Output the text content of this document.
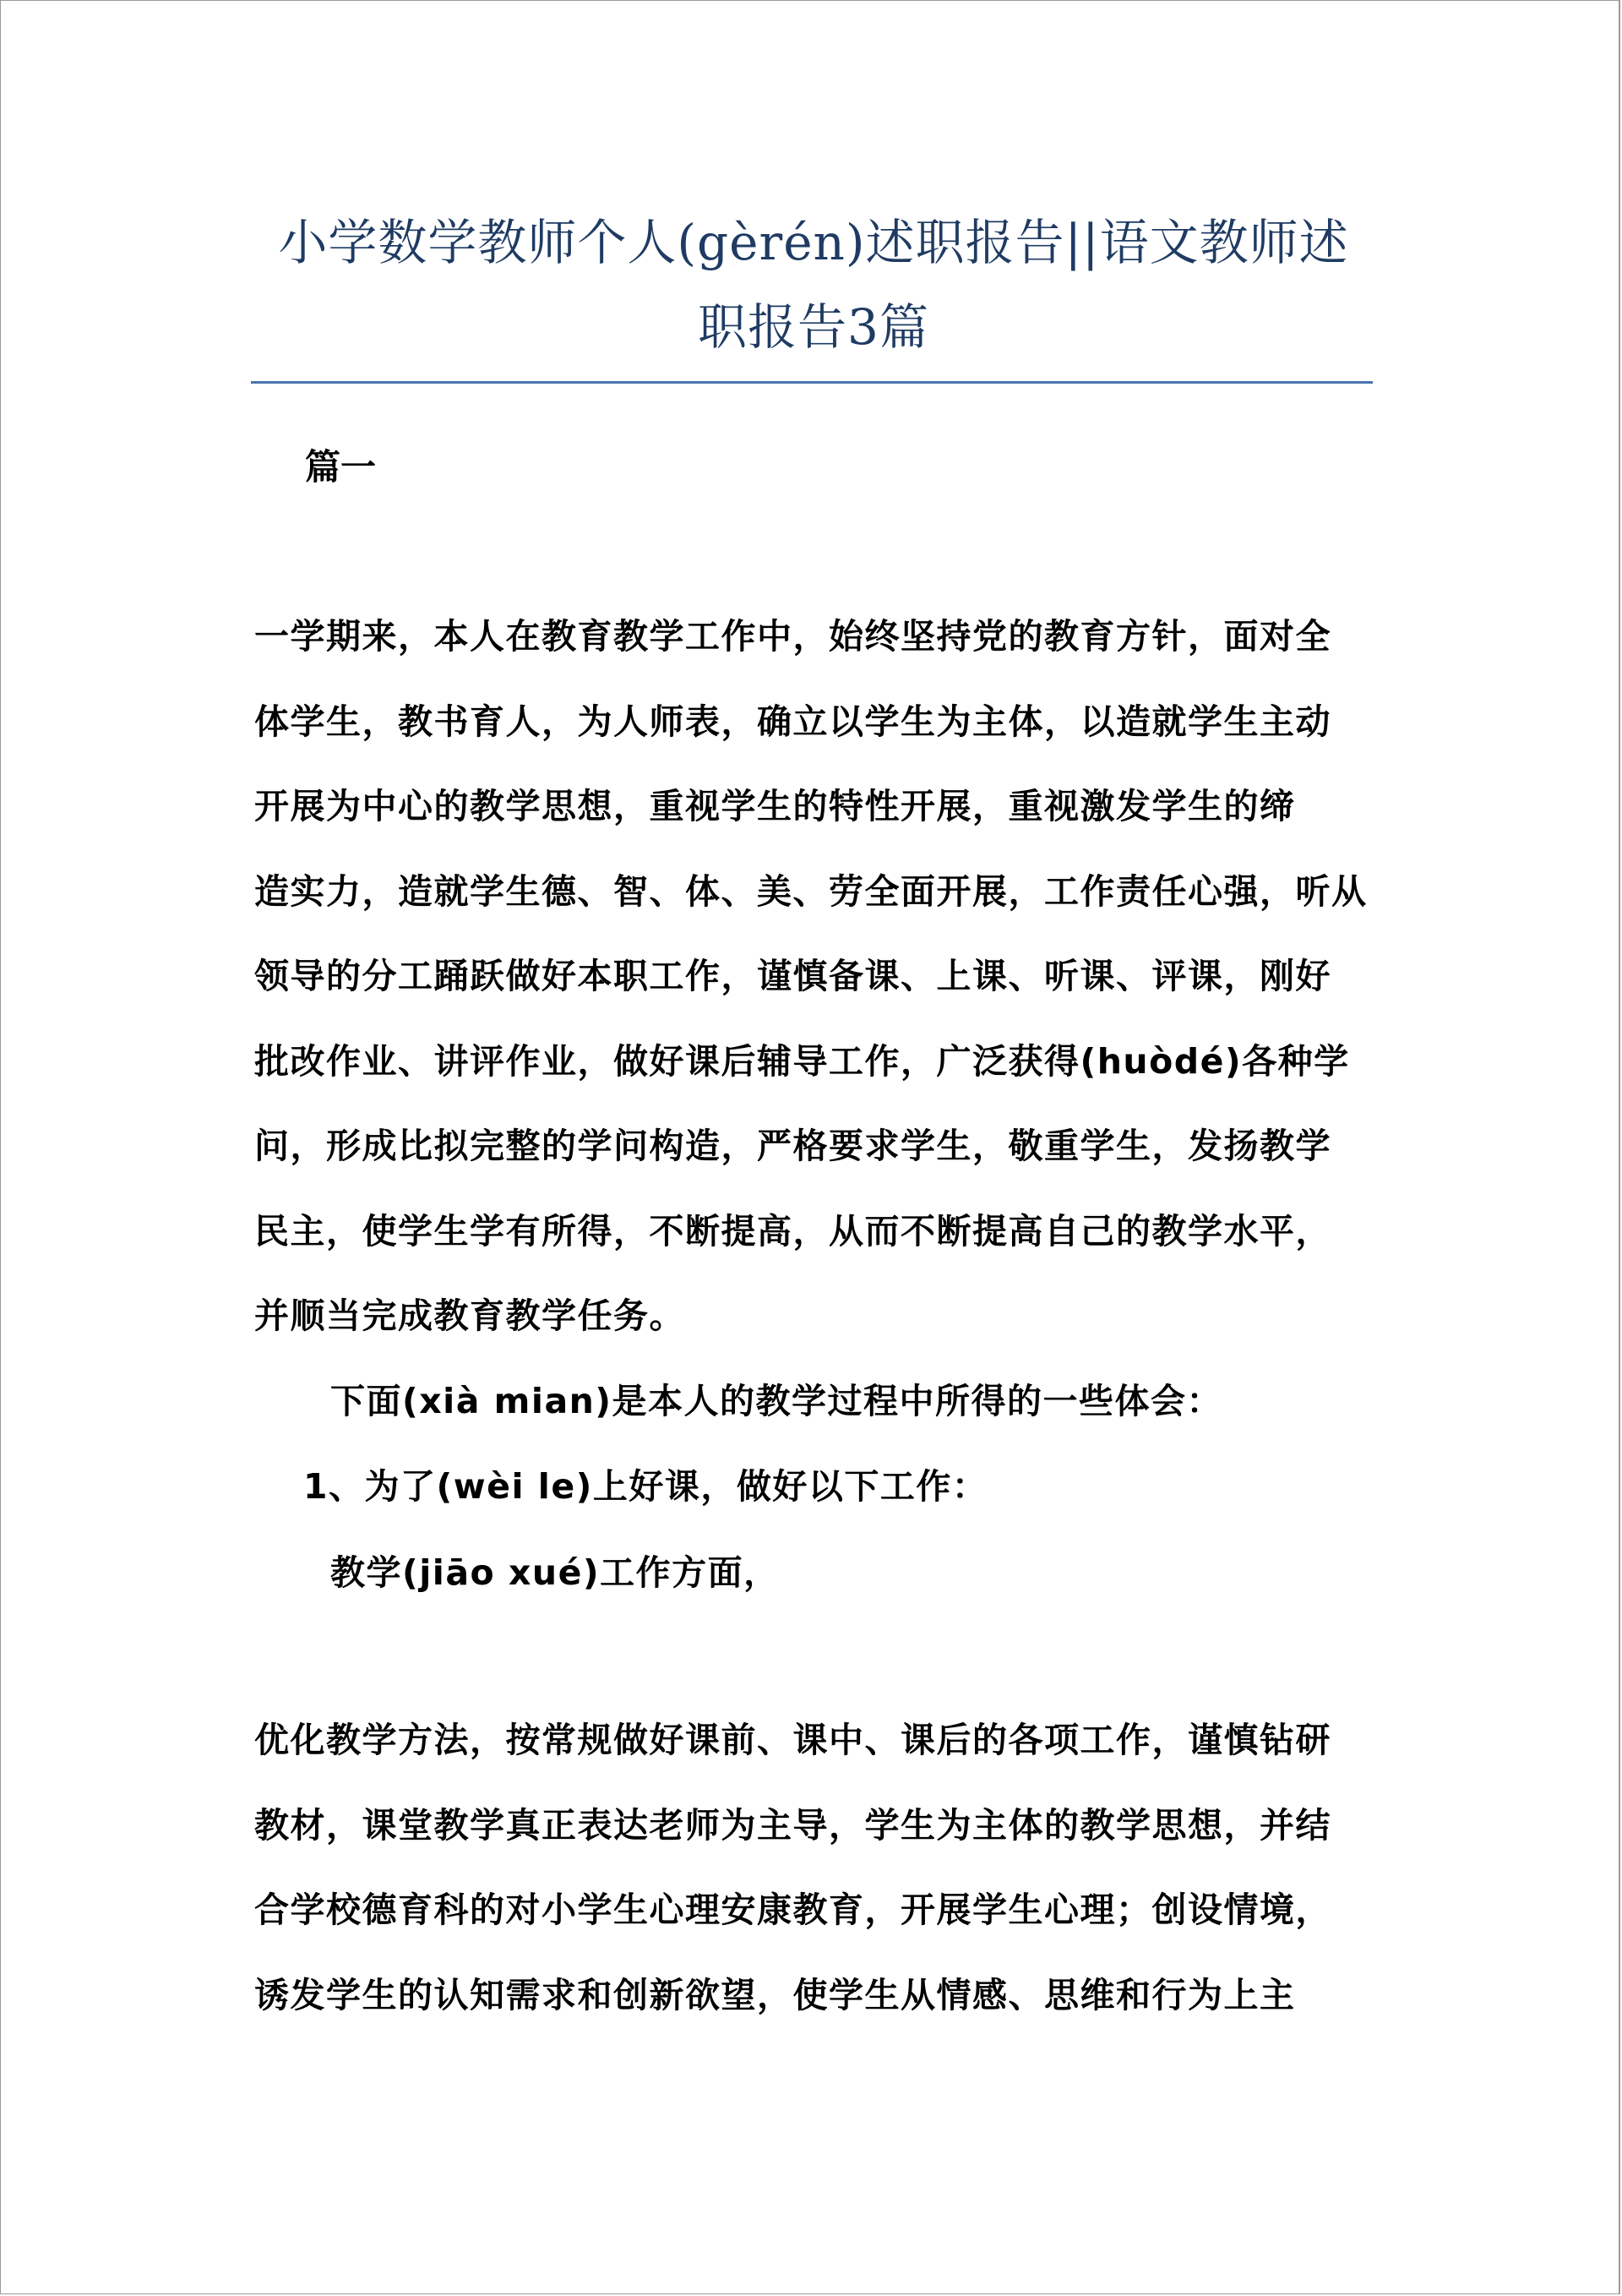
小学数学教师个人(gèrén)述职报告||语文教师述
职报告3篇
篇一
一学期来，本人在教育教学工作中，始终坚持党的教育方针，面对全
体学生，教书育人，为人师表，确立以学生为主体，以造就学生主动
开展为中心的教学思想，重视学生的特性开展，重视激发学生的缔
造实力，造就学生德、智、体、美、劳全面开展，工作责任心强，听从
领导的分工踊跃做好本职工作，谨慎备课、上课、听课、评课，刚好
批改作业、讲评作业，做好课后辅导工作，广泛获得(huòdé)各种学
问，形成比拟完整的学问构造，严格要求学生，敬重学生，发扬教学
民主，使学生学有所得，不断提高，从而不断提高自己的教学水平，
并顺当完成教育教学任务。
下面(xià mian)是本人的教学过程中所得的一些体会：
1、为了(wèi le)上好课，做好以下工作：
教学(jiāo xué)工作方面，
优化教学方法，按常规做好课前、课中、课后的各项工作，谨慎钻研
教材，课堂教学真正表达老师为主导，学生为主体的教学思想，并结
合学校德育科的对小学生心理安康教育，开展学生心理；创设情境，
诱发学生的认知需求和创新欲望，使学生从情感、思维和行为上主
